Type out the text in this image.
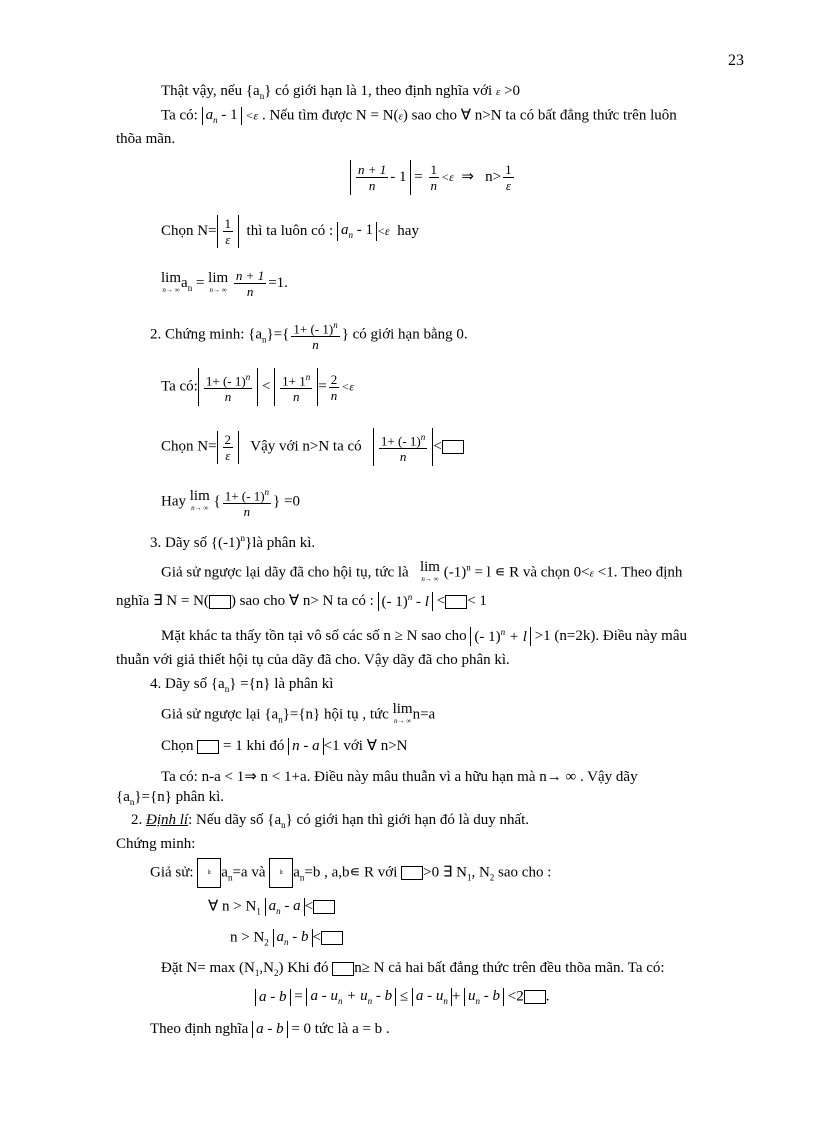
23
Thật vậy, nếu $\{a_n\}$ có giới hạn là 1, theo định nghĩa với ε >0
Ta có: $a_n - 1 <\varepsilon$ . Nếu tìm được N = N(ε) sao cho ∀ n>N ta có bất đẳng thức trên luôn
thõa mãn.
$\frac{n + 1}{n} - 1 = \frac{1}{n} <\varepsilon$ ⇒ $n> \frac{1}{\varepsilon}$
Chọn $N= \frac{1}{\varepsilon}$ thì ta luôn có : $a_n - 1 <\varepsilon$ hay
lim
n→ ∞ $a_n = \lim$
n→ ∞
$\frac{n + 1}{n} =1$.
2. Chứng minh: $\{a_n\}=\{ \frac{1+ (- 1)^n}{n}$ } có giới hạn bằng 0.
Ta có: $\frac{1+ (- 1)^n}{n} < \frac{1+ 1^n}{n} = \frac{2}{n} <\varepsilon$
Chọn $N= \frac{2}{\varepsilon}$ Vậy với n>N ta có $\frac{1+ (- 1)^n}{n}$ <
Hay lim
n→ ∞ { $\frac{1+ (- 1)^n}{n}$ } =0
3. Dãy số $\{(-1)^n\}là$ phân kì.
Giả sử ngược lại dãy đã cho hội tụ, tức là lim
n→ ∞ $(-1)^n = l$ ∊ R và chọn 0<ε <1. Theo định
nghĩa ∃ N = N( ) sao cho ∀ n> N ta có : (- 1)$^n$ - l < < 1
Mặt khác ta thấy tồn tại vô số các số n ≥ N sao cho (- 1)$^n$ + l >1 (n=2k). Điều này mâu
thuẫn với giả thiết hội tụ của dãy đã cho. Vậy dãy đã cho phân kì.
4. Dãy số $\{a_n\} =\{n\}$ là phân kì
Giả sử ngược lại $\{a_n\}=\{n\}$ hội tụ , tức lim
n→ ∞ n=a
Chọn = 1 khi đó n - a <1 với ∀ n>N
Ta có: n-a < 1⇒ n < 1+a. Điều này mâu thuẫn vì a hữu hạn mà n→ ∞ . Vậy dãy
$\{a_n\}=\{n\}$ phân kì.
2. Định lí: Nếu dãy số $\{a_n\}$ có giới hạn thì giới hạn đó là duy nhất.
Chứng minh:
Giả sử: lt $a_n=a$ và lt $a_n=b$ , a,b∊ R với >0 ∃ $N_1$, $N_2$ sao cho :
∀ $n > N_1$ $a_n$ - a <
$n > N_2$ $a_n$ - b <
Đặt $N= \max (N_1,N_2)$ Khi đó n≥ N cả hai bất đẳng thức trên đều thõa mãn. Ta có:
$a - b = a - u_n + u_n - b \le a - u_n + u_n - b <2$ .
Theo định nghĩa a - b = 0 tức là a = b .
